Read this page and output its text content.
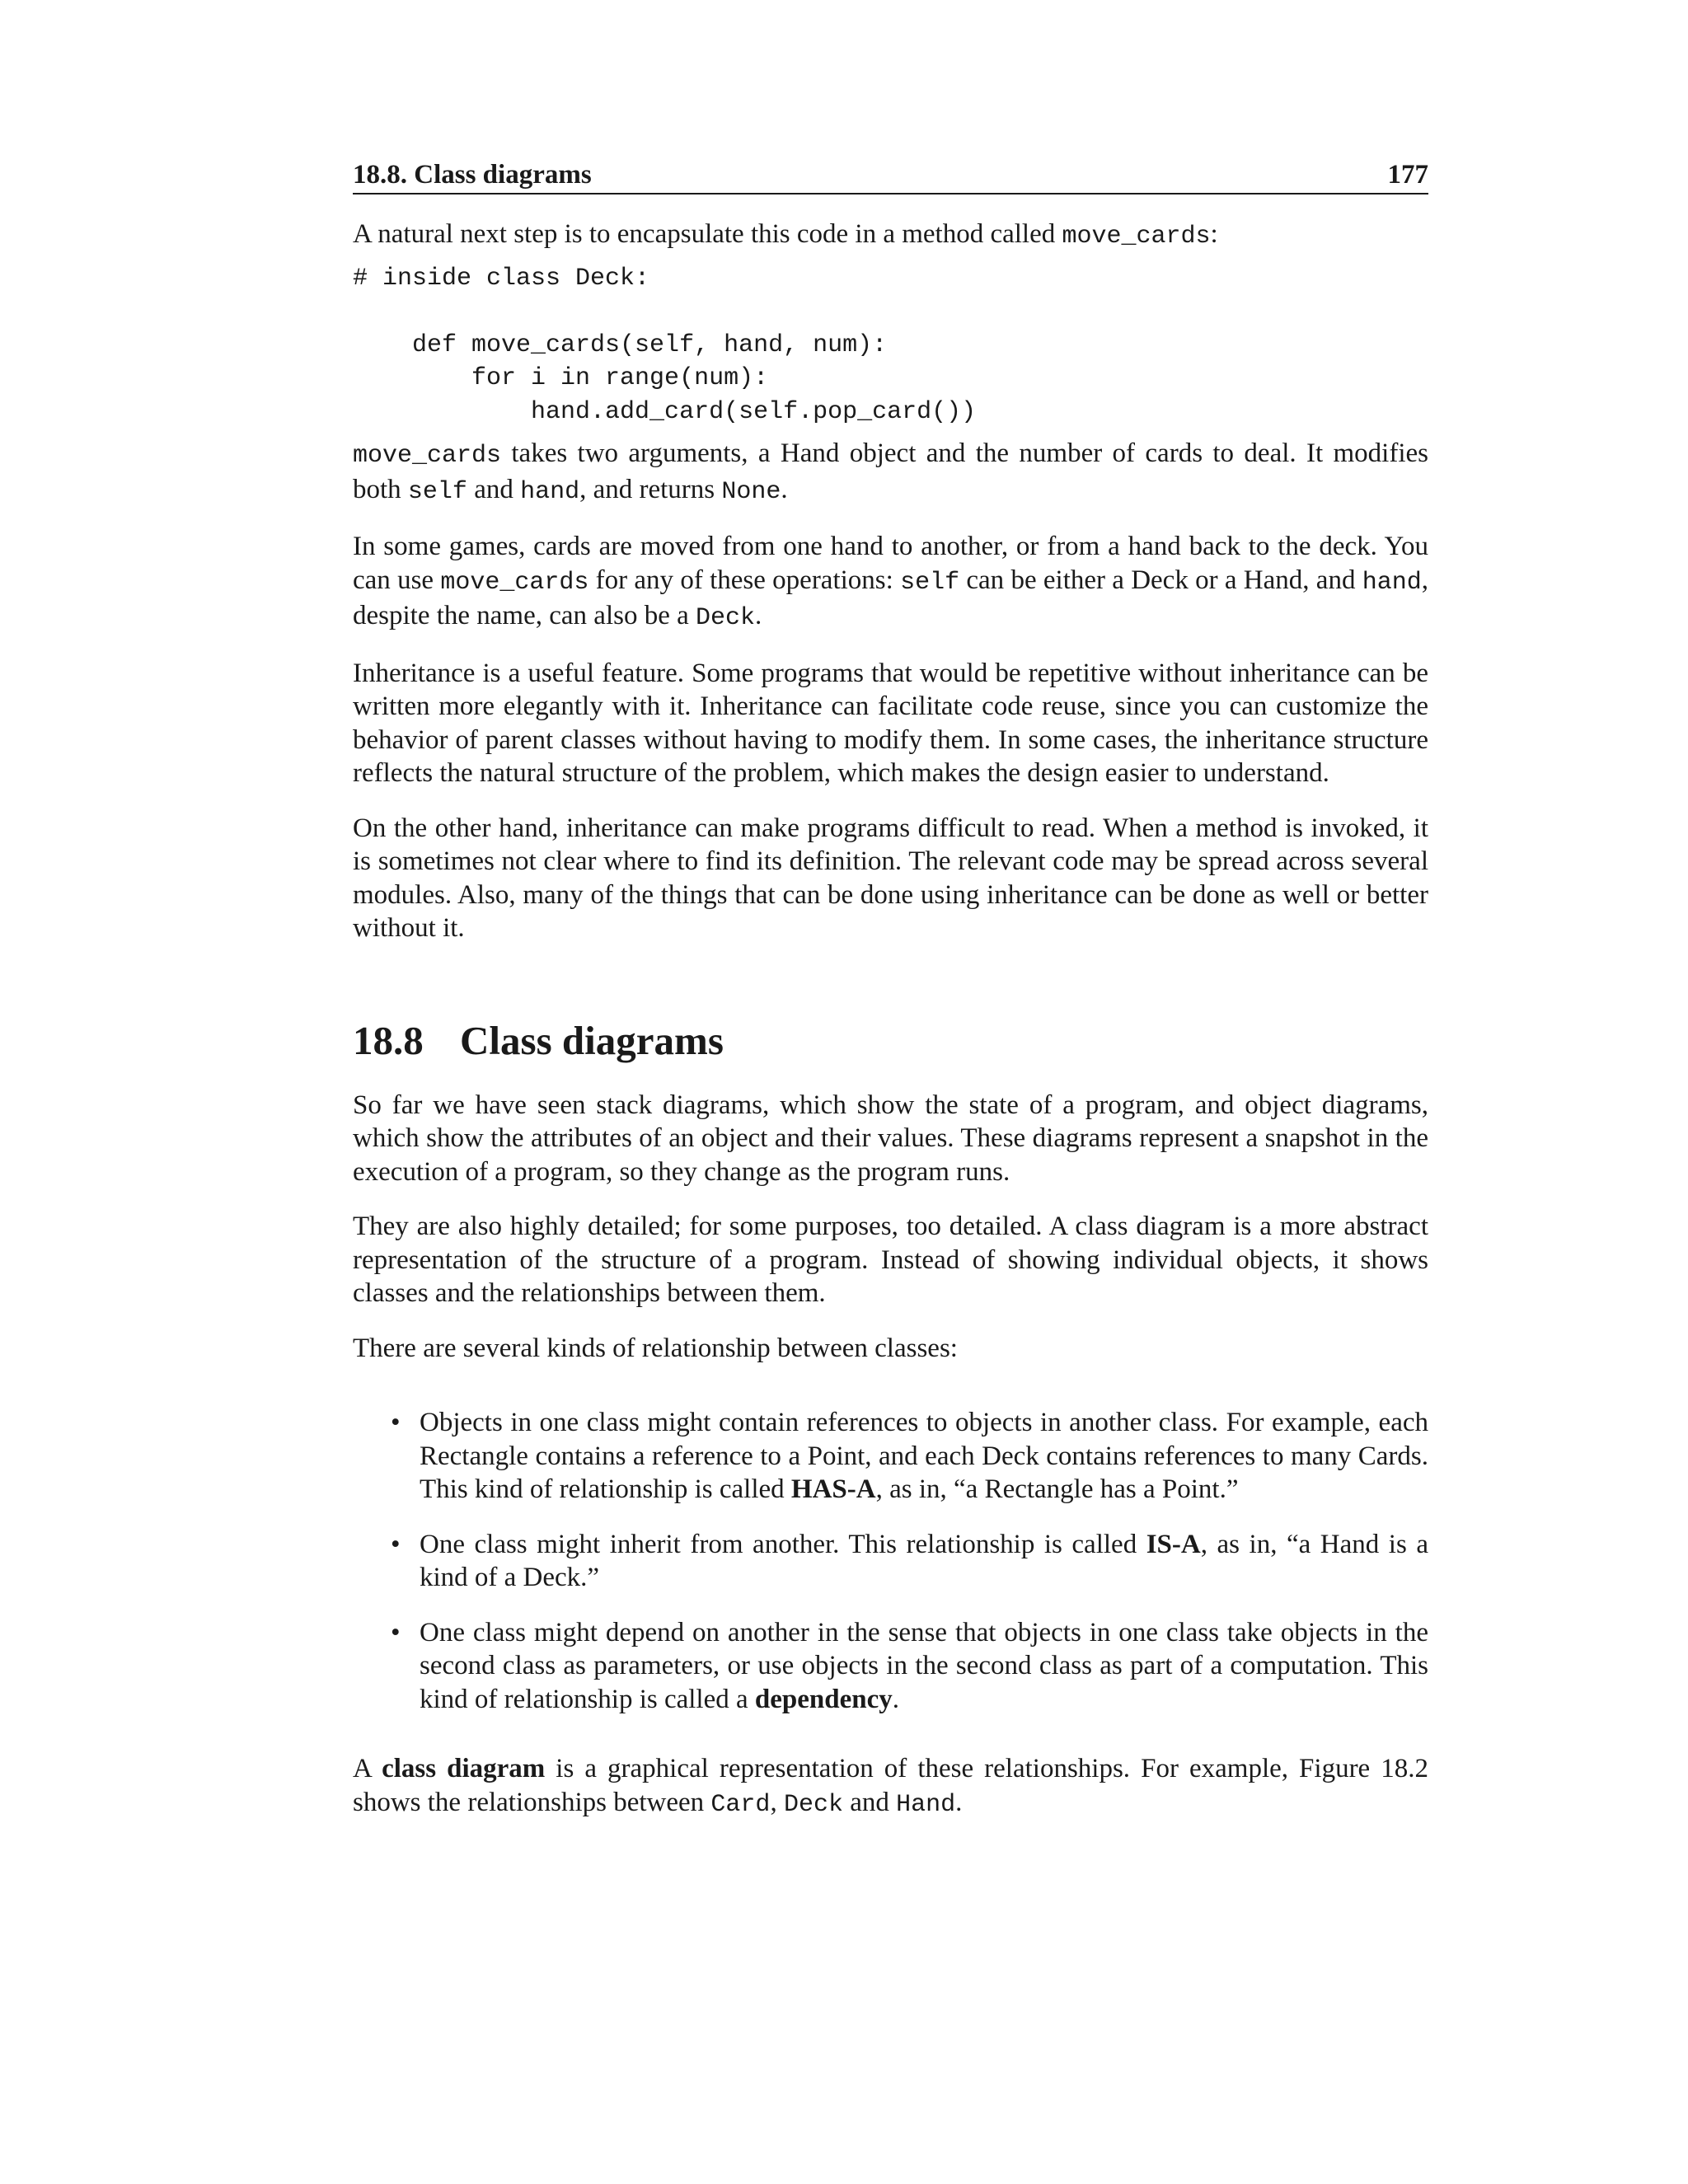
18.8. Class diagrams	177

A natural next step is to encapsulate this code in a method called move_cards:

# inside class Deck:

def move_cards(self, hand, num):
for i in range(num):
hand.add_card(self.pop_card())

move_cards takes two arguments, a Hand object and the number of cards to deal. It modifies both self and hand, and returns None.

In some games, cards are moved from one hand to another, or from a hand back to the deck. You can use move_cards for any of these operations: self can be either a Deck or a Hand, and hand, despite the name, can also be a Deck.

Inheritance is a useful feature. Some programs that would be repetitive without inheritance can be written more elegantly with it. Inheritance can facilitate code reuse, since you can customize the behavior of parent classes without having to modify them. In some cases, the inheritance structure reflects the natural structure of the problem, which makes the design easier to understand.

On the other hand, inheritance can make programs difficult to read. When a method is invoked, it is sometimes not clear where to find its definition. The relevant code may be spread across several modules. Also, many of the things that can be done using inheritance can be done as well or better without it.

18.8 Class diagrams

So far we have seen stack diagrams, which show the state of a program, and object diagrams, which show the attributes of an object and their values. These diagrams represent a snapshot in the execution of a program, so they change as the program runs.

They are also highly detailed; for some purposes, too detailed. A class diagram is a more abstract representation of the structure of a program. Instead of showing individual objects, it shows classes and the relationships between them.

There are several kinds of relationship between classes:

• Objects in one class might contain references to objects in another class. For example, each Rectangle contains a reference to a Point, and each Deck contains references to many Cards. This kind of relationship is called HAS-A, as in, “a Rectangle has a Point.”

• One class might inherit from another. This relationship is called IS-A, as in, “a Hand is a kind of a Deck.”

• One class might depend on another in the sense that objects in one class take objects in the second class as parameters, or use objects in the second class as part of a computation. This kind of relationship is called a dependency.

A class diagram is a graphical representation of these relationships. For example, Figure 18.2 shows the relationships between Card, Deck and Hand.
